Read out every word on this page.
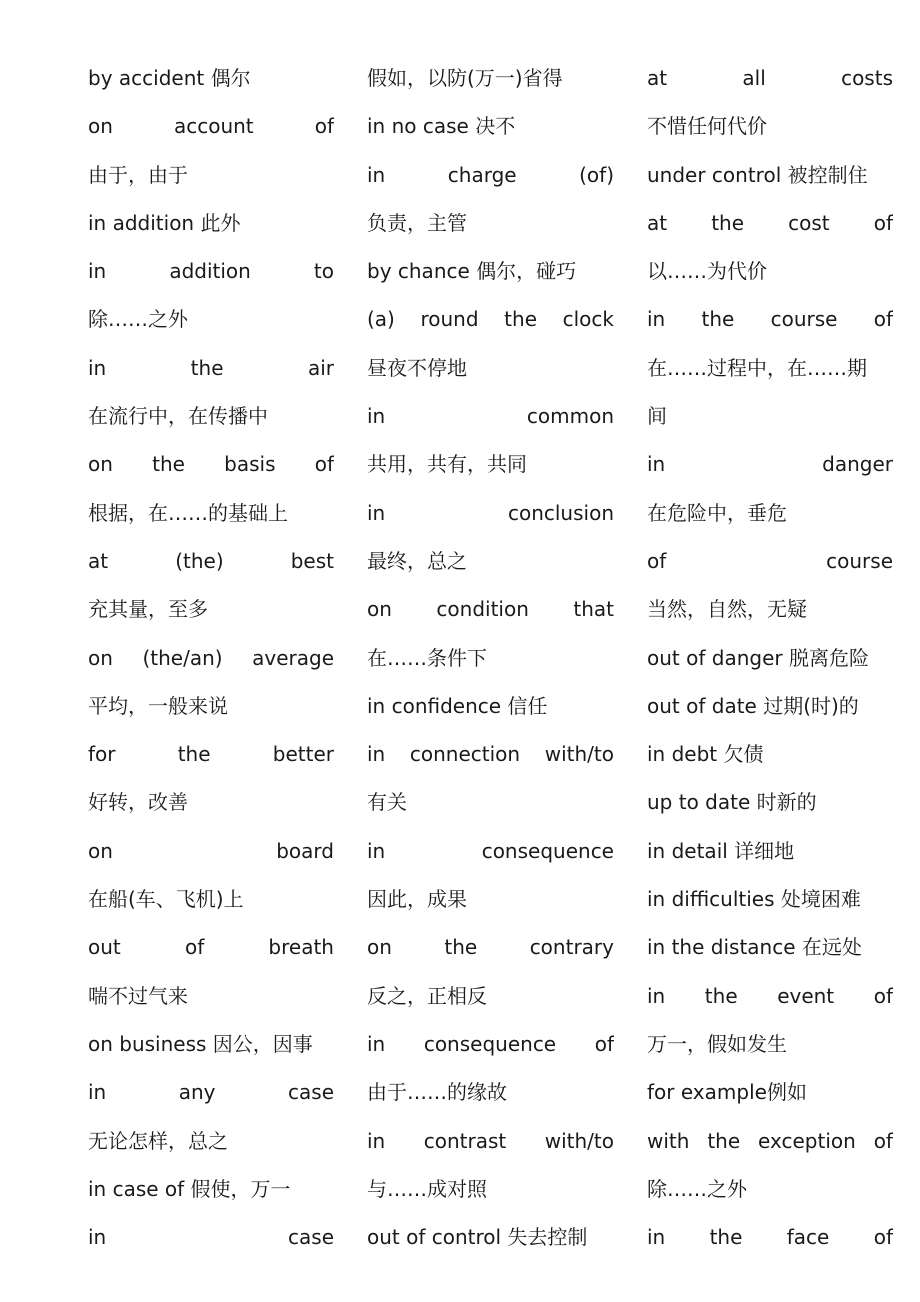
by accident 偶尔
on	account	of
由于，由于
in addition 此外
in	addition	to
除……之外
in	the	air
在流行中，在传播中
on the basis of
根据，在……的基础上
at	(the)	best
充其量，至多
on (the/an) average
平均，一般来说
for	the	better
好转，改善
on	board
在船(车、飞机)上
out	of	breath
喘不过气来
on business 因公，因事
in	any	case
无论怎样，总之
in case of 假使，万一
in	case
假如，以防(万一)省得
in no case 决不
in	charge	(of)
负责，主管
by chance 偶尔，碰巧
(a) round the clock
昼夜不停地
in	common
共用，共有，共同
in	conclusion
最终，总之
on condition that
在……条件下
in confidence 信任
in connection with/to
有关
in	consequence
因此，成果
on	the	contrary
反之，正相反
in consequence of
由于……的缘故
in contrast with/to
与……成对照
out of control 失去控制
at	all	costs
不惜任何代价
under control 被控制住
at the cost of
以……为代价
in the course of
在……过程中，在……期
间
in	danger
在危险中，垂危
of	course
当然，自然，无疑
out of danger 脱离危险
out of date 过期(时)的
in debt 欠债
up to date 时新的
in detail 详细地
in difficulties 处境困难
in the distance 在远处
in the event of
万一，假如发生
for example例如
with the exception of
除……之外
in the face of
